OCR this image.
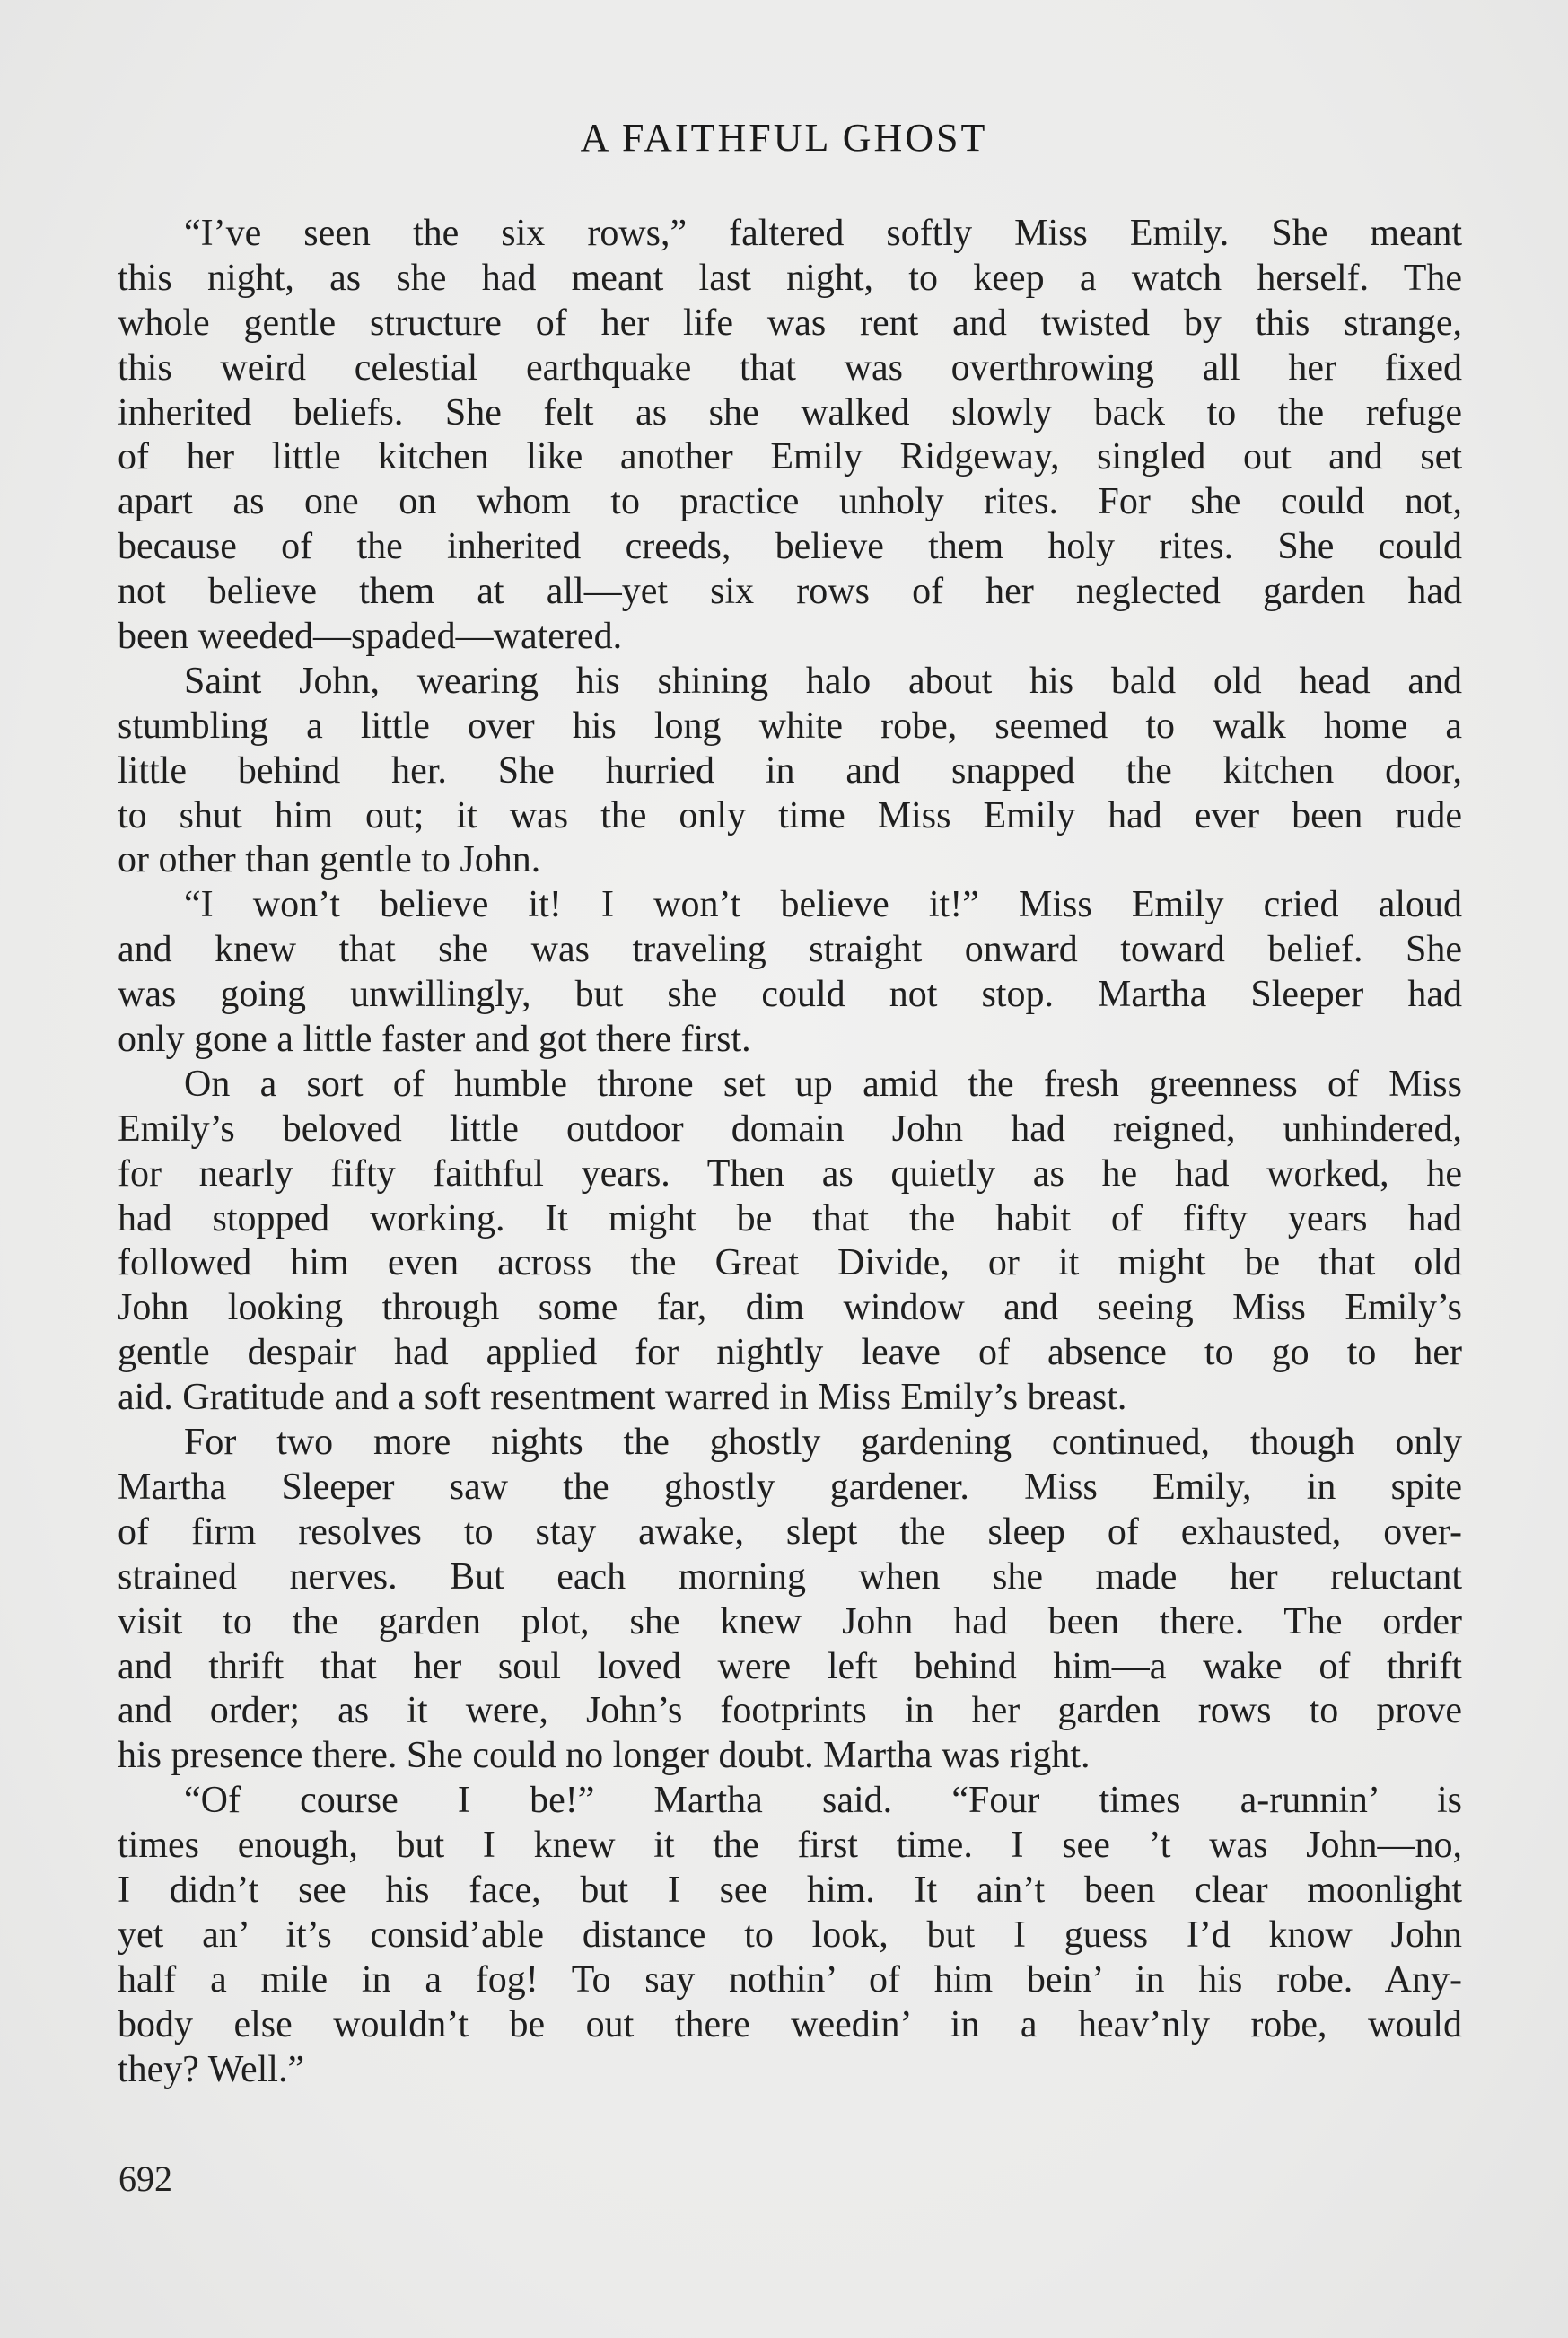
A FAITHFUL GHOST
“I’ve seen the six rows,” faltered softly Miss Emily. She meant
this night, as she had meant last night, to keep a watch herself. The
whole gentle structure of her life was rent and twisted by this strange,
this weird celestial earthquake that was overthrowing all her fixed
inherited beliefs. She felt as she walked slowly back to the refuge
of her little kitchen like another Emily Ridgeway, singled out and set
apart as one on whom to practice unholy rites. For she could not,
because of the inherited creeds, believe them holy rites. She could
not believe them at all—yet six rows of her neglected garden had
been weeded—spaded—watered.
Saint John, wearing his shining halo about his bald old head and
stumbling a little over his long white robe, seemed to walk home a
little behind her. She hurried in and snapped the kitchen door,
to shut him out; it was the only time Miss Emily had ever been rude
or other than gentle to John.
“I won’t believe it! I won’t believe it!” Miss Emily cried aloud
and knew that she was traveling straight onward toward belief. She
was going unwillingly, but she could not stop. Martha Sleeper had
only gone a little faster and got there first.
On a sort of humble throne set up amid the fresh greenness of Miss
Emily’s beloved little outdoor domain John had reigned, unhindered,
for nearly fifty faithful years. Then as quietly as he had worked, he
had stopped working. It might be that the habit of fifty years had
followed him even across the Great Divide, or it might be that old
John looking through some far, dim window and seeing Miss Emily’s
gentle despair had applied for nightly leave of absence to go to her
aid. Gratitude and a soft resentment warred in Miss Emily’s breast.
For two more nights the ghostly gardening continued, though only
Martha Sleeper saw the ghostly gardener. Miss Emily, in spite
of firm resolves to stay awake, slept the sleep of exhausted, over-
strained nerves. But each morning when she made her reluctant
visit to the garden plot, she knew John had been there. The order
and thrift that her soul loved were left behind him—a wake of thrift
and order; as it were, John’s footprints in her garden rows to prove
his presence there. She could no longer doubt. Martha was right.
“Of course I be!” Martha said. “Four times a-runnin’ is
times enough, but I knew it the first time. I see ’t was John—no,
I didn’t see his face, but I see him. It ain’t been clear moonlight
yet an’ it’s consid’able distance to look, but I guess I’d know John
half a mile in a fog! To say nothin’ of him bein’ in his robe. Any-
body else wouldn’t be out there weedin’ in a heav’nly robe, would
they? Well.”
692
